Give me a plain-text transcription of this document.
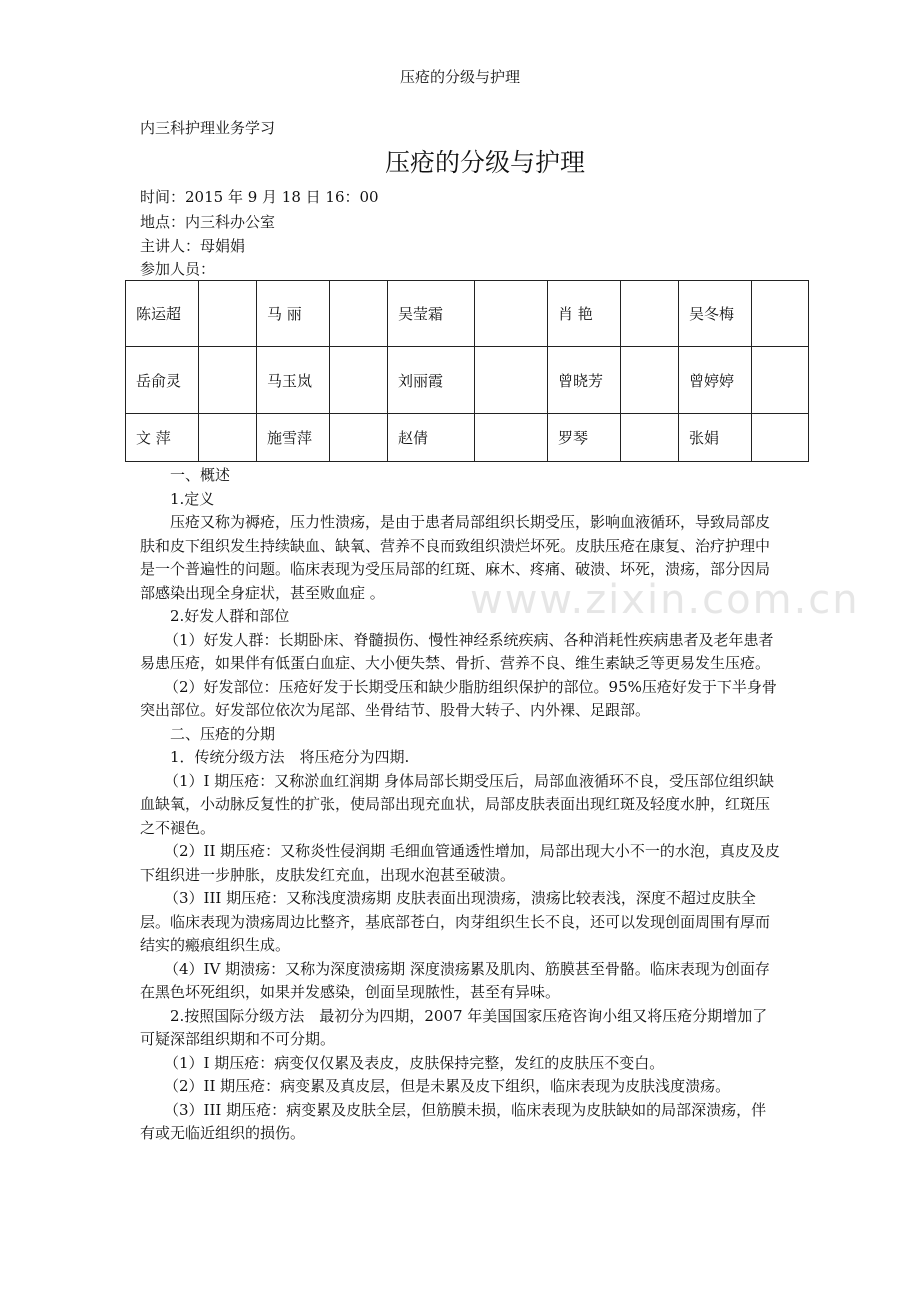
压疮的分级与护理
内三科护理业务学习
压疮的分级与护理
时间：2015 年 9 月 18 日 16：00
地点：内三科办公室
主讲人：母娟娟
参加人员：
陈运超		马 丽		吴莹霜		肖 艳		吴冬梅	
岳俞灵		马玉岚		刘丽霞		曾晓芳		曾婷婷	
文 萍		施雪萍		赵倩		罗琴		张娟	
www.zixin.com.cn

一、概述

1.定义

压疮又称为褥疮，压力性溃疡，是由于患者局部组织长期受压，影响血液循环，导致局部皮肤和皮下组织发生持续缺血、缺氧、营养不良而致组织溃烂坏死。皮肤压疮在康复、治疗护理中是一个普遍性的问题。临床表现为受压局部的红斑、麻木、疼痛、破溃、坏死，溃疡，部分因局部感染出现全身症状，甚至败血症 。

2.好发人群和部位

（1）好发人群：长期卧床、脊髓损伤、慢性神经系统疾病、各种消耗性疾病患者及老年患者易患压疮，如果伴有低蛋白血症、大小便失禁、骨折、营养不良、维生素缺乏等更易发生压疮。

（2）好发部位：压疮好发于长期受压和缺少脂肪组织保护的部位。95%压疮好发于下半身骨突出部位。好发部位依次为尾部、坐骨结节、股骨大转子、内外裸、足跟部。

二、压疮的分期

1．传统分级方法　将压疮分为四期.

（1）I 期压疮：又称淤血红润期 身体局部长期受压后，局部血液循环不良，受压部位组织缺血缺氧，小动脉反复性的扩张，使局部出现充血状，局部皮肤表面出现红斑及轻度水肿，红斑压之不褪色。

（2）II 期压疮：又称炎性侵润期 毛细血管通透性增加，局部出现大小不一的水泡，真皮及皮下组织进一步肿胀，皮肤发红充血，出现水泡甚至破溃。

（3）III 期压疮：又称浅度溃疡期 皮肤表面出现溃疡，溃疡比较表浅，深度不超过皮肤全层。临床表现为溃疡周边比整齐，基底部苍白，肉芽组织生长不良，还可以发现创面周围有厚而结实的瘢痕组织生成。

（4）IV 期溃疡：又称为深度溃疡期 深度溃疡累及肌肉、筋膜甚至骨骼。临床表现为创面存在黑色坏死组织，如果并发感染，创面呈现脓性，甚至有异味。

2.按照国际分级方法　最初分为四期，2007 年美国国家压疮咨询小组又将压疮分期增加了可疑深部组织期和不可分期。

（1）I 期压疮：病变仅仅累及表皮，皮肤保持完整，发红的皮肤压不变白。

（2）II 期压疮：病变累及真皮层，但是未累及皮下组织，临床表现为皮肤浅度溃疡。

（3）III 期压疮：病变累及皮肤全层，但筋膜未损，临床表现为皮肤缺如的局部深溃疡，伴有或无临近组织的损伤。
